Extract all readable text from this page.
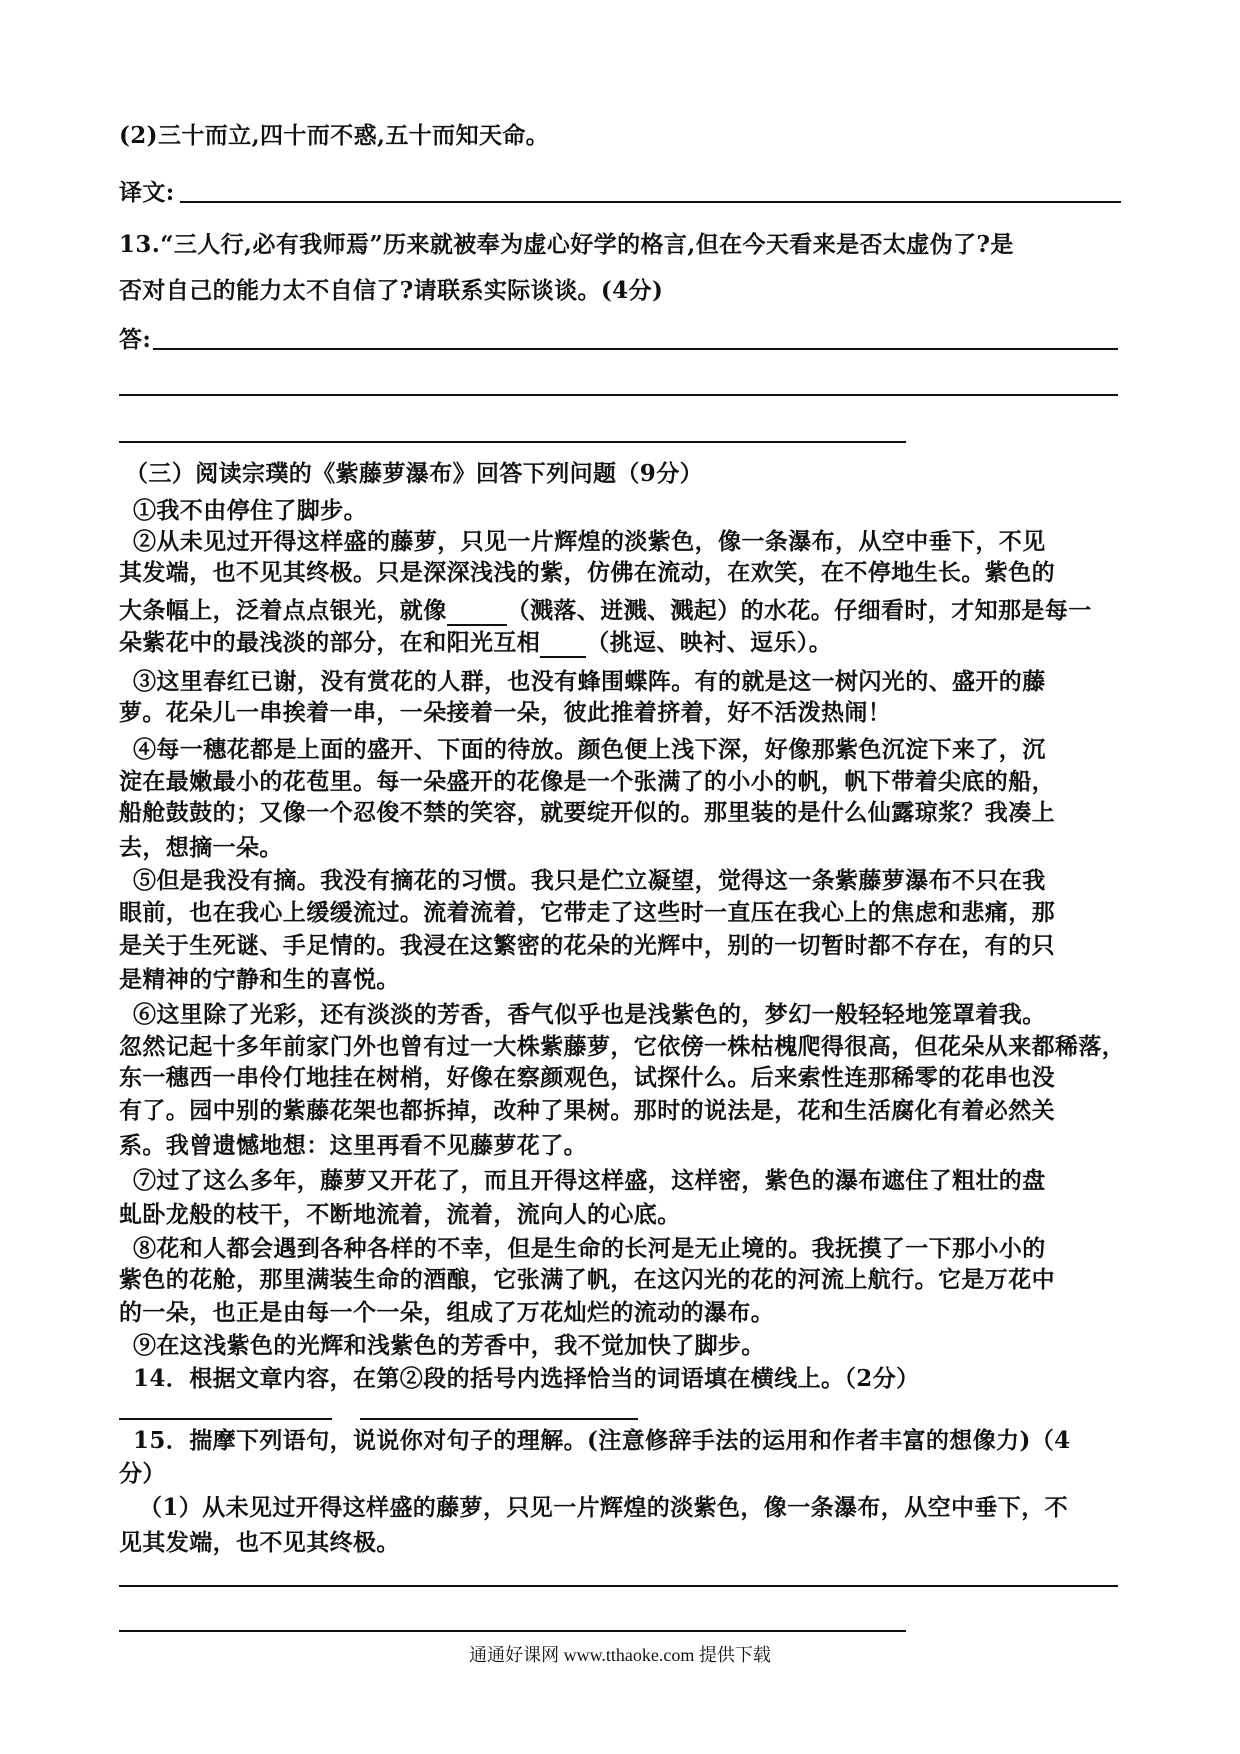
(2)三十而立,四十而不惑,五十而知天命。
译文:
13.“三人行,必有我师焉”历来就被奉为虚心好学的格言,但在今天看来是否太虚伪了?是
否对自己的能力太不自信了?请联系实际谈谈。(4分)
答:
（三）阅读宗璞的《紫藤萝瀑布》回答下列问题（9分）
①我不由停住了脚步。
②从未见过开得这样盛的藤萝，只见一片辉煌的淡紫色，像一条瀑布，从空中垂下，不见
其发端，也不见其终极。只是深深浅浅的紫，仿佛在流动，在欢笑，在不停地生长。紫色的
大条幅上，泛着点点银光，就像	（溅落、迸溅、溅起）的水花。仔细看时，才知那是每一
朵紫花中的最浅淡的部分，在和阳光互相 （挑逗、映衬、逗乐）。
③这里春红已谢，没有赏花的人群，也没有蜂围蝶阵。有的就是这一树闪光的、盛开的藤
萝。花朵儿一串挨着一串，一朵接着一朵，彼此推着挤着，好不活泼热闹！
④每一穗花都是上面的盛开、下面的待放。颜色便上浅下深，好像那紫色沉淀下来了，沉
淀在最嫩最小的花苞里。每一朵盛开的花像是一个张满了的小小的帆，帆下带着尖底的船，
船舱鼓鼓的；又像一个忍俊不禁的笑容，就要绽开似的。那里装的是什么仙露琼浆？我凑上
去，想摘一朵。
⑤但是我没有摘。我没有摘花的习惯。我只是伫立凝望，觉得这一条紫藤萝瀑布不只在我
眼前，也在我心上缓缓流过。流着流着，它带走了这些时一直压在我心上的焦虑和悲痛，那
是关于生死谜、手足情的。我浸在这繁密的花朵的光辉中，别的一切暂时都不存在，有的只
是精神的宁静和生的喜悦。
⑥这里除了光彩，还有淡淡的芳香，香气似乎也是浅紫色的，梦幻一般轻轻地笼罩着我。
忽然记起十多年前家门外也曾有过一大株紫藤萝，它依傍一株枯槐爬得很高，但花朵从来都稀落，
东一穗西一串伶仃地挂在树梢，好像在察颜观色，试探什么。后来索性连那稀零的花串也没
有了。园中别的紫藤花架也都拆掉，改种了果树。那时的说法是，花和生活腐化有着必然关
系。我曾遗憾地想：这里再看不见藤萝花了。
⑦过了这么多年，藤萝又开花了，而且开得这样盛，这样密，紫色的瀑布遮住了粗壮的盘
虬卧龙般的枝干，不断地流着，流着，流向人的心底。
⑧花和人都会遇到各种各样的不幸，但是生命的长河是无止境的。我抚摸了一下那小小的
紫色的花舱，那里满装生命的酒酿，它张满了帆，在这闪光的花的河流上航行。它是万花中
的一朵，也正是由每一个一朵，组成了万花灿烂的流动的瀑布。
⑨在这浅紫色的光辉和浅紫色的芳香中，我不觉加快了脚步。
14．根据文章内容，在第②段的括号内选择恰当的词语填在横线上。（2分）
15．揣摩下列语句，说说你对句子的理解。(注意修辞手法的运用和作者丰富的想像力)（4
分）
（1）从未见过开得这样盛的藤萝，只见一片辉煌的淡紫色，像一条瀑布，从空中垂下，不
见其发端，也不见其终极。
通通好课网 www.tthaoke.com 提供下载
